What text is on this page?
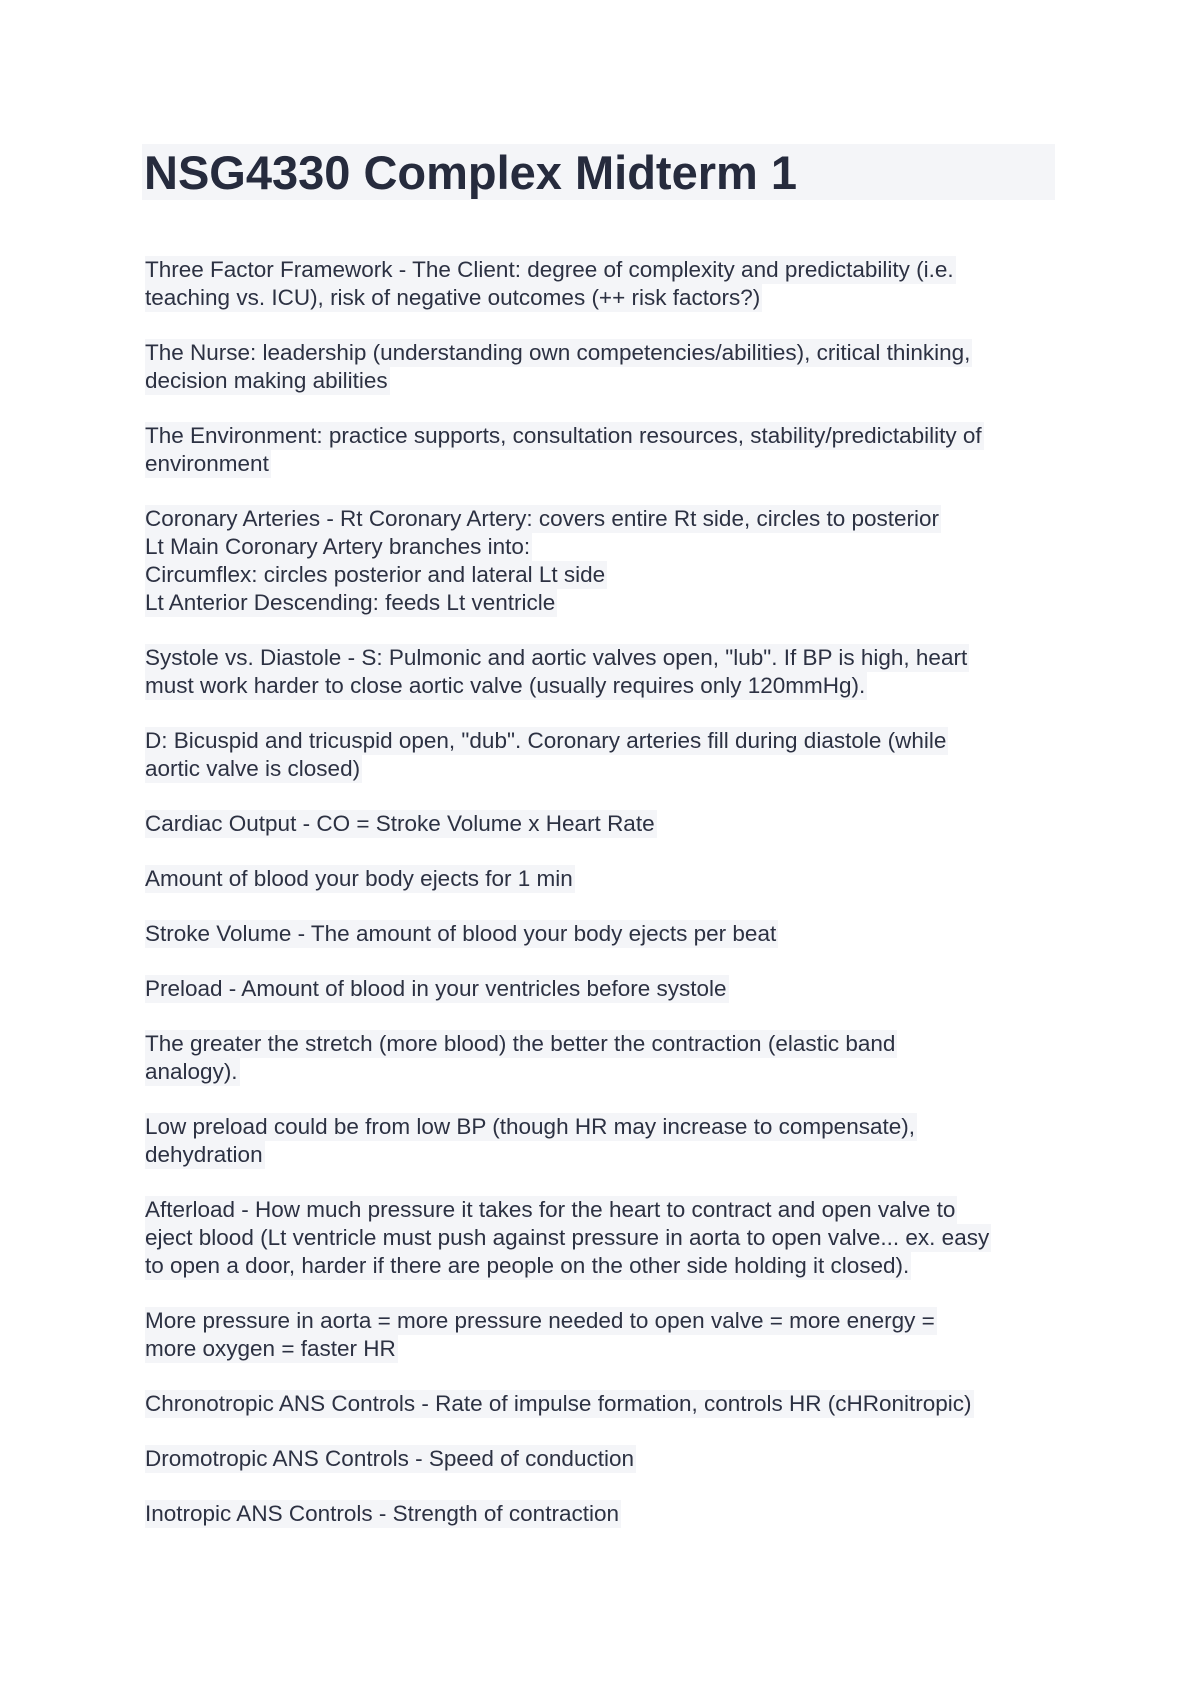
NSG4330 Complex Midterm 1
Three Factor Framework - The Client: degree of complexity and predictability (i.e.
teaching vs. ICU), risk of negative outcomes (++ risk factors?)
The Nurse: leadership (understanding own competencies/abilities), critical thinking,
decision making abilities
The Environment: practice supports, consultation resources, stability/predictability of
environment
Coronary Arteries - Rt Coronary Artery: covers entire Rt side, circles to posterior
Lt Main Coronary Artery branches into:
Circumflex: circles posterior and lateral Lt side
Lt Anterior Descending: feeds Lt ventricle
Systole vs. Diastole - S: Pulmonic and aortic valves open, "lub". If BP is high, heart
must work harder to close aortic valve (usually requires only 120mmHg).
D: Bicuspid and tricuspid open, "dub". Coronary arteries fill during diastole (while
aortic valve is closed)
Cardiac Output - CO = Stroke Volume x Heart Rate
Amount of blood your body ejects for 1 min
Stroke Volume - The amount of blood your body ejects per beat
Preload - Amount of blood in your ventricles before systole
The greater the stretch (more blood) the better the contraction (elastic band
analogy).
Low preload could be from low BP (though HR may increase to compensate),
dehydration
Afterload - How much pressure it takes for the heart to contract and open valve to
eject blood (Lt ventricle must push against pressure in aorta to open valve... ex. easy
to open a door, harder if there are people on the other side holding it closed).
More pressure in aorta = more pressure needed to open valve = more energy =
more oxygen = faster HR
Chronotropic ANS Controls - Rate of impulse formation, controls HR (cHRonitropic)
Dromotropic ANS Controls - Speed of conduction
Inotropic ANS Controls - Strength of contraction
